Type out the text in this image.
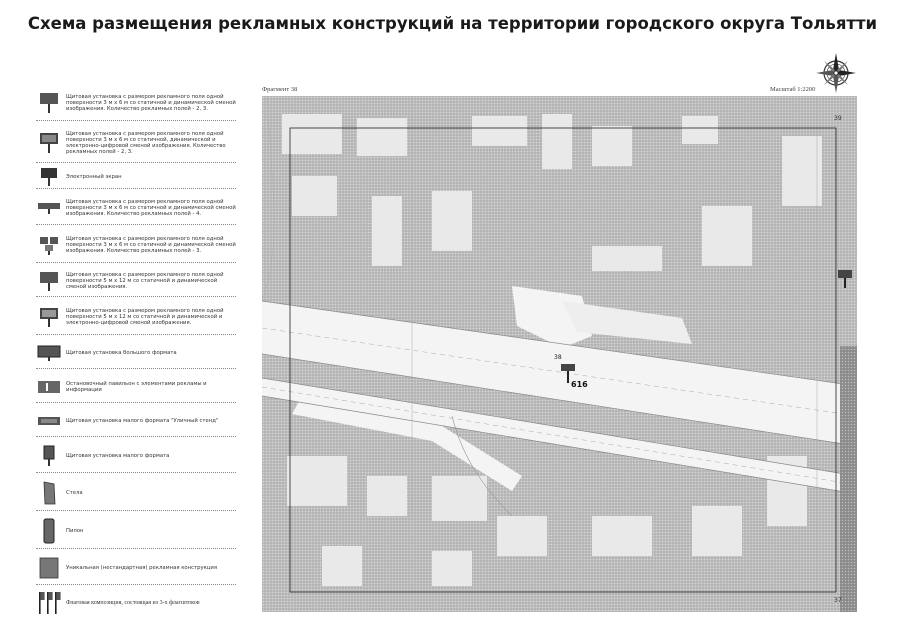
Схема размещения рекламных конструкций на территории городского округа Тольятти
Щитовая установка с размером рекламного поля одной поверхности 3 м х 6 м со статичной и динамической сменой изображения. Количество рекламных полей - 2, 3.
Щитовая установка с размером рекламного поля одной поверхности 3 м х 6 м со статичной, динамической и электронно-цифровой сменой изображения. Количество рекламных полей - 2, 3.
Электронный экран
Щитовая установка с размером рекламного поля одной поверхности 3 м х 6 м со статичной и динамической сменой изображения. Количество рекламных полей - 4.
Щитовая установка с размером рекламного поля одной поверхности 3 м х 6 м со статичной и динамической сменой изображения. Количество рекламных полей - 3.
Щитовая установка с размером рекламного поля одной поверхности 5 м х 12 м со статичной и динамической сменой изображения.
Щитовая установка с размером рекламного поля одной поверхности 5 м х 12 м со статичной и динамической и электронно-цифровой сменой изображения.
Щитовая установка большого формата
Остановочный павильон с элементами рекламы и информации
Щитовая установка малого формата "Уличный стенд"
Щитовая установка малого формата
Стела
Пилон
Уникальная (нестандартная) рекламная конструкция
Флаговая композиция, состоящая из 3-х флагштоков
Фрагмент 38	Масштаб 1:2200
39
37
38
616
